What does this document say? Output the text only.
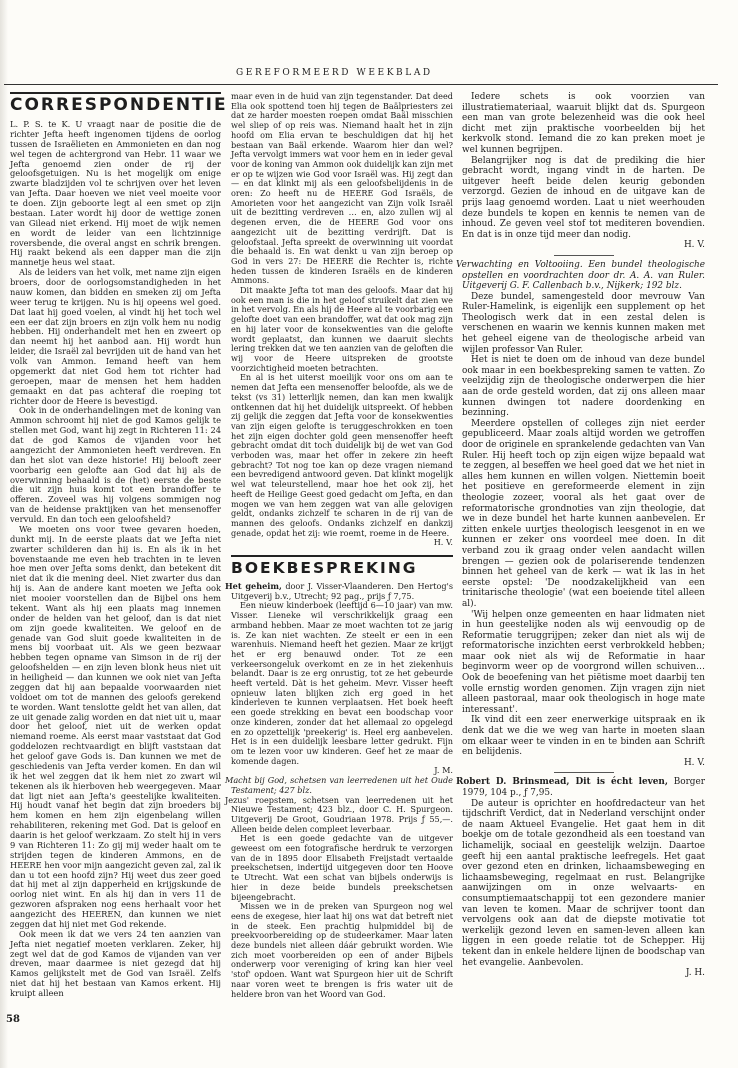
GEREFORMEERD WEEKBLAD
CORRESPONDENTIE

L. P. S. te K. U vraagt naar de positie die de richter Jefta heeft ingenomen tijdens de oorlog tussen de Israëlieten en Ammonieten en dan nog wel tegen de achtergrond van Hebr. 11 waar we Jefta genoemd zien onder de rij der geloofsgetuigen. Nu is het mogelijk om enige zwarte bladzijden vol te schrijven over het leven van Jefta. Daar hoeven we niet veel moeite voor te doen. Zijn geboorte legt al een smet op zijn bestaan. Later wordt hij door de wettige zonen van Gilead niet erkend. Hij moet de wijk nemen en wordt de leider van een lichtzinnige roversbende, die overal angst en schrik brengen. Hij raakt bekend als een dapper man die zijn mannetje heus wel staat.

Als de leiders van het volk, met name zijn eigen broers, door de oorlogsomstandigheden in het nauw komen, dan bidden en smeken zij om Jefta weer terug te krijgen. Nu is hij opeens wel goed. Dat laat hij goed voelen, al vindt hij het toch wel een eer dat zijn broers en zijn volk hem nu nodig hebben. Hij onderhandelt met hen en zweert op dan neemt hij het aanbod aan. Hij wordt hun leider, die Israël zal bevrijden uit de hand van het volk van Ammon. Iemand heeft van hem opgemerkt dat niet God hem tot richter had geroepen, maar de mensen het hem hadden gemaakt en dat pas achteraf die roeping tot richter door de Heere is bevestigd.

Ook in de onderhandelingen met de koning van Ammon schroomt hij niet de god Kamos gelijk te stellen met God, want hij zegt in Richteren 11: 24 dat de god Kamos de vijanden voor het aangezicht der Ammonieten heeft verdreven. En dan het slot van deze historie! Hij belooft zeer voorbarig een gelofte aan God dat hij als de overwinning behaald is de (het) eerste de beste die uit zijn huis komt tot een brandoffer te offeren. Zoveel was hij volgens sommigen nog van de heidense praktijken van het mensenoffer vervuld. En dan toch een geloofsheld?

We moeten ons voor twee gevaren hoeden, dunkt mij. In de eerste plaats dat we Jefta niet zwarter schilderen dan hij is. En als ik in het bovenstaande me even heb trachten in te leven hoe men over Jefta soms denkt, dan betekent dit niet dat ik die mening deel. Niet zwarter dus dan hij is. Aan de andere kant moeten we Jefta ook niet mooier voorstellen dan de Bijbel ons hem tekent. Want als hij een plaats mag innemen onder de helden van het geloof, dan is dat niet om zijn goede kwaliteiten. We geloof en de genade van God sluit goede kwaliteiten in de mens bij voorbaat uit. Als we geen bezwaar hebben tegen opname van Simson in de rij der geloofshelden — en zijn leven blonk heus niet uit in heiligheid — dan kunnen we ook niet van Jefta zeggen dat hij aan bepaalde voorwaarden niet voldoet om tot de mannen des geloofs gerekend te worden. Want tenslotte geldt het van allen, dat ze uit genade zalig worden en dat niet uit u, maar door het geloof, niet uit de werken opdat niemand roeme. Als eerst maar vaststaat dat God goddelozen rechtvaardigt en blijft vaststaan dat het geloof gave Gods is. Dan kunnen we met de geschiedenis van Jefta verder komen. En dan wil ik het wel zeggen dat ik hem niet zo zwart wil tekenen als ik hierboven heb weergegeven. Maar dat ligt niet aan Jefta's geestelijke kwaliteiten. Hij houdt vanaf het begin dat zijn broeders bij hem komen en hem zijn eigenbelang willen rehabiliteren, rekening met God. Dat is geloof en daarin is het geloof werkzaam. Zo stelt hij in vers 9 van Richteren 11: Zo gij mij weder haalt om te strijden tegen de kinderen Ammons, en de HEERE hen voor mijn aangezicht geven zal, zal ik dan u tot een hoofd zijn? Hij weet dus zeer goed dat hij met al zijn dapperheid en krijgskunde de oorlog niet wint. En als hij dan in vers 11 de gezworen afspraken nog eens herhaalt voor het aangezicht des HEEREN, dan kunnen we niet zeggen dat hij niet met God rekende.

Ook meen ik dat we vers 24 ten aanzien van Jefta niet negatief moeten verklaren. Zeker, hij zegt wel dat de god Kamos de vijanden van ver dreven, maar daarmee is niet gezegd dat hij Kamos gelijkstelt met de God van Israël. Zelfs niet dat hij het bestaan van Kamos erkent. Hij kruipt alleen

maar even in de huid van zijn tegenstander. Dat deed Elia ook spottend toen hij tegen de Baälpriesters zei dat ze harder moesten roepen omdat Baäl misschien wel sliep of op reis was. Niemand haalt het in zijn hoofd om Elia ervan te beschuldigen dat hij het bestaan van Baäl erkende. Waarom hier dan wel? Jefta vervolgt immers wat voor hem en in ieder geval voor de koning van Ammon ook duidelijk kan zijn met er op te wijzen wie God voor Israël was. Hij zegt dan — en dat klinkt mij als een geloofsbelijdenis in de oren: Zo heeft nu de HEERE God Israëls, de Amorieten voor het aangezicht van Zijn volk Israël uit de bezitting verdreven … en, alzo zullen wij al degenen erven, die de HEERE God voor ons aangezicht uit de bezitting verdrijft. Dat is geloofstaal. Jefta spreekt de overwinning uit voordat die behaald is. En wat denkt u van zijn beroep op God in vers 27: De HEERE die Rechter is, richte heden tussen de kinderen Israëls en de kinderen Ammons.

Dit maakte Jefta tot man des geloofs. Maar dat hij ook een man is die in het geloof struikelt dat zien we in het vervolg. En als hij de Heere al te voorbarig een gelofte doet van een brandoffer, wat dat ook mag zijn en hij later voor de konsekwenties van die gelofte wordt geplaatst, dan kunnen we daaruit slechts lering trekken dat we ten aanzien van de geloften die wij voor de Heere uitspreken de grootste voorzichtigheid moeten betrachten.

En al is het uiterst moeilijk voor ons om aan te nemen dat Jefta een mensenoffer beloofde, als we de tekst (vs 31) letterlijk nemen, dan kan men kwalijk ontkennen dat hij het duidelijk uitspreekt. Of hebben zij gelijk die zeggen dat Jefta voor de konsekwenties van zijn eigen gelofte is teruggeschrokken en toen het zijn eigen dochter gold geen mensenoffer heeft gebracht omdat dit toch duidelijk bij de wet van God verboden was, maar het offer in zekere zin heeft gebracht? Tot nog toe kan op deze vragen niemand een bevredigend antwoord geven. Dat klinkt mogelijk wel wat teleurstellend, maar hoe het ook zij, het heeft de Heilige Geest goed gedacht om Jefta, en dan mogen we van hem zeggen wat van alle gelovigen geldt, ondanks zichzelf te scharen in de rij van de mannen des geloofs. Ondanks zichzelf en dankzij genade, opdat het zij: wie roemt, roeme in de Heere.

H. V.

BOEKBESPREKING

Het geheim, door J. Visser-Vlaanderen. Den Hertog's Uitgeverij b.v., Utrecht; 92 pag., prijs ƒ 7,75.

Een nieuw kinderboek (leeftijd 6—10 jaar) van mw. Visser. Lieneke wil verschrikkelijk graag een armband hebben. Maar ze moet wachten tot ze jarig is. Ze kan niet wachten. Ze steelt er een in een warenhuis. Niemand heeft het gezien. Maar ze krijgt het er erg benauwd onder. Tot ze een verkeersongeluk overkomt en ze in het ziekenhuis belandt. Daar is ze erg onrustig, tot ze het gebeurde heeft verteld. Dàt is het geheim. Mevr. Visser heeft opnieuw laten blijken zich erg goed in het kinderleven te kunnen verplaatsen. Het boek heeft een goede strekking en bevat een boodschap voor onze kinderen, zonder dat het allemaal zo opgelegd en zo opzettelijk 'preekerig' is. Heel erg aanbevelen. Het is in een duidelijk leesbare letter gedrukt. Fijn om te lezen voor uw kinderen. Geef het ze maar de komende dagen.

J. M.

Macht bij God, schetsen van leerredenen uit het Oude Testament; 427 blz.

Jezus' roepstem, schetsen van leerredenen uit het Nieuwe Testament; 423 blz., door C. H. Spurgeon. Uitgeverij De Groot, Goudriaan 1978. Prijs ƒ 55,—. Alleen beide delen compleet leverbaar.

Het is een goede gedachte van de uitgever geweest om een fotografische herdruk te verzorgen van de in 1895 door Elisabeth Freijstadt vertaalde preekschetsen, indertijd uitgegeven door ten Hoove te Utrecht. Wat een schat van bijbels onderwijs is hier in deze beide bundels preekschetsen bijeengebracht.

Missen we in de preken van Spurgeon nog wel eens de exegese, hier laat hij ons wat dat betreft niet in de steek. Een prachtig hulpmiddel bij de preekvoorbereiding op de studeerkamer. Maar laten deze bundels niet alleen dáár gebruikt worden. Wie zich moet voorbereiden op een of ander Bijbels onderwerp voor vereniging of kring kan hier veel 'stof' opdoen. Want wat Spurgeon hier uit de Schrift naar voren weet te brengen is fris water uit de heldere bron van het Woord van God.

Iedere schets is ook voorzien van illustratiemateriaal, waaruit blijkt dat ds. Spurgeon een man van grote belezenheid was die ook heel dicht met zijn praktische voorbeelden bij het kerkvolk stond. Iemand die zo kan preken moet je wel kunnen begrijpen.

Belangrijker nog is dat de prediking die hier gebracht wordt, ingang vindt in de harten. De uitgever heeft beide delen keurig gebonden verzorgd. Gezien de inhoud en de uitgave kan de prijs laag genoemd worden. Laat u niet weerhouden deze bundels te kopen en kennis te nemen van de inhoud. Ze geven veel stof tot mediteren bovendien. En dat is in onze tijd meer dan nodig.

H. V.

Verwachting en Voltooiing. Een bundel theologische opstellen en voordrachten door dr. A. A. van Ruler. Uitgeverij G. F. Callenbach b.v., Nijkerk; 192 blz.

Deze bundel, samengesteld door mevrouw Van Ruler-Hamelink, is eigenlijk een supplement op het Theologisch werk dat in een zestal delen is verschenen en waarin we kennis kunnen maken met het geheel eigene van de theologische arbeid van wijlen professor Van Ruler.

Het is niet te doen om de inhoud van deze bundel ook maar in een boekbespreking samen te vatten. Zo veelzijdig zijn de theologische onderwerpen die hier aan de orde gesteld worden, dat zij ons alleen maar kunnen dwingen tot nadere doordenking en bezinning.

Meerdere opstellen of colleges zijn niet eerder gepubliceerd. Maar zoals altijd worden we getroffen door de originele en sprankelende gedachten van Van Ruler. Hij heeft toch op zijn eigen wijze bepaald wat te zeggen, al beseffen we heel goed dat we het niet in alles hem kunnen en willen volgen. Niettemin boeit het positieve en gereformeerde element in zijn theologie zozeer, vooral als het gaat over de reformatorische grondnoties van zijn theologie, dat we in deze bundel het harte kunnen aanbevelen. Er zitten enkele uurtjes theologisch leesgenot in en we kunnen er zeker ons voordeel mee doen. In dit verband zou ik graag onder velen aandacht willen brengen — gezien ook de polariserende tendenzen binnen het geheel van de kerk — wat ik las in het eerste opstel: 'De noodzakelijkheid van een trinitarische theologie' (wat een boeiende titel alleen al).

'Wij helpen onze gemeenten en haar lidmaten niet in hun geestelijke noden als wij eenvoudig op de Reformatie teruggrijpen; zeker dan niet als wij de reformatorische inzichten eerst verbrokkeld hebben; maar ook niet als wij de Reformatie in haar beginvorm weer op de voorgrond willen schuiven… Ook de beoefening van het piëtisme moet daarbij ten volle ernstig worden genomen. Zijn vragen zijn niet alleen pastoraal, maar ook theologisch in hoge mate interessant'.

Ik vind dit een zeer enerwerkige uitspraak en ik denk dat we die we weg van harte in moeten slaan om elkaar weer te vinden in en te binden aan Schrift en belijdenis.

H. V.

Robert D. Brinsmead, Dit is écht leven, Borger 1979, 104 p., ƒ 7,95.

De auteur is oprichter en hoofdredacteur van het tijdschrift Verdict, dat in Nederland verschijnt onder de naam Aktueel Evangelie. Het gaat hem in dit boekje om de totale gezondheid als een toestand van lichamelijk, sociaal en geestelijk welzijn. Daartoe geeft hij een aantal praktische leefregels. Het gaat over gezond eten en drinken, lichaamsbeweging en lichaamsbeweging, regelmaat en rust. Belangrijke aanwijzingen om in onze welvaarts- en consumptiemaatschappij tot een gezondere manier van leven te komen. Maar de schrijver toont dan vervolgens ook aan dat de diepste motivatie tot werkelijk gezond leven en samen-leven alleen kan liggen in een goede relatie tot de Schepper. Hij tekent dan in enkele heldere lijnen de boodschap van het evangelie. Aanbevolen.

J. H.

58
